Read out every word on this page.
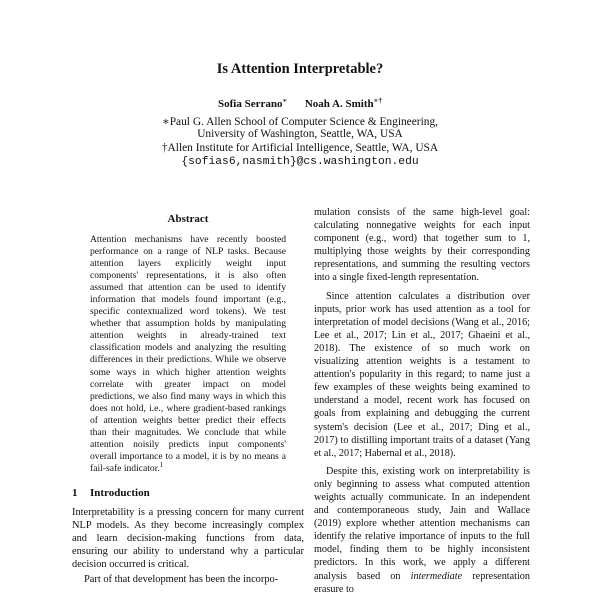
Is Attention Interpretable?
Sofia Serrano∗ Noah A. Smith∗†
∗Paul G. Allen School of Computer Science & Engineering,
University of Washington, Seattle, WA, USA
†Allen Institute for Artificial Intelligence, Seattle, WA, USA
{sofias6,nasmith}@cs.washington.edu
Abstract

Attention mechanisms have recently boosted performance on a range of NLP tasks. Because attention layers explicitly weight input components' representations, it is also often assumed that attention can be used to identify information that models found important (e.g., specific contextualized word tokens). We test whether that assumption holds by manipulating attention weights in already-trained text classification models and analyzing the resulting differences in their predictions. While we observe some ways in which higher attention weights correlate with greater impact on model predictions, we also find many ways in which this does not hold, i.e., where gradient-based rankings of attention weights better predict their effects than their magnitudes. We conclude that while attention noisily predicts input components' overall importance to a model, it is by no means a fail-safe indicator.$^1$

1 Introduction

Interpretability is a pressing concern for many current NLP models. As they become increasingly complex and learn decision-making functions from data, ensuring our ability to understand why a particular decision occurred is critical.

Part of that development has been the incorpo-

mulation consists of the same high-level goal: calculating nonnegative weights for each input component (e.g., word) that together sum to 1, multiplying those weights by their corresponding representations, and summing the resulting vectors into a single fixed-length representation.

Since attention calculates a distribution over inputs, prior work has used attention as a tool for interpretation of model decisions (Wang et al., 2016; Lee et al., 2017; Lin et al., 2017; Ghaeini et al., 2018). The existence of so much work on visualizing attention weights is a testament to attention's popularity in this regard; to name just a few examples of these weights being examined to understand a model, recent work has focused on goals from explaining and debugging the current system's decision (Lee et al., 2017; Ding et al., 2017) to distilling important traits of a dataset (Yang et al., 2017; Habernal et al., 2018).

Despite this, existing work on interpretability is only beginning to assess what computed attention weights actually communicate. In an independent and contemporaneous study, Jain and Wallace (2019) explore whether attention mechanisms can identify the relative importance of inputs to the full model, finding them to be highly inconsistent predictors. In this work, we apply a different analysis based on intermediate representation erasure to
